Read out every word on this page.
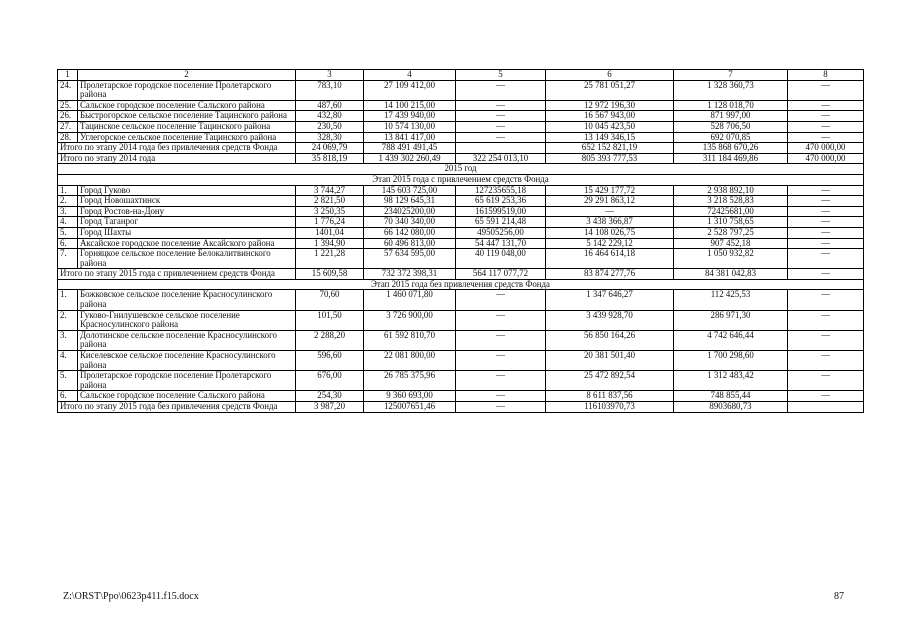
1	2	3	4	5	6	7	8
24.	Пролетарское городское поселение Пролетарского района	783,10	27 109 412,00	—	25 781 051,27	1 328 360,73	—
25.	Сальское городское поселение Сальского района	487,60	14 100 215,00	—	12 972 196,30	1 128 018,70	—
26.	Быстрогорское сельское поселение Тацинского района	432,80	17 439 940,00	—	16 567 943,00	871 997,00	—
27.	Тацинское сельское поселение Тацинского района	230,50	10 574 130,00	—	10 045 423,50	528 706,50	—
28.	Углегорское сельское поселение Тацинского района	328,30	13 841 417,00	—	13 149 346,15	692 070,85	—
Итого по этапу 2014 года без привлечения средств Фонда		24 069,79	788 491 491,45		652 152 821,19	135 868 670,26	470 000,00
Итого по этапу 2014 года		35 818,19	1 439 302 260,49	322 254 013,10	805 393 777,53	311 184 469,86	470 000,00
2015 год							
Этап 2015 года с привлечением средств Фонда							
1.	Город Гуково	3 744,27	145 603 725,00	127235655,18	15 429 177,72	2 938 892,10	—
2.	Город Новошахтинск	2 821,50	98 129 645,31	65 619 253,36	29 291 863,12	3 218 528,83	—
3.	Город Ростов-на-Дону	3 250,35	234025200,00	161599519,00	—	72425681,00	—
4.	Город Таганрог	1 776,24	70 340 340,00	65 591 214,48	3 438 366,87	1 310 758,65	—
5.	Город Шахты	1401,04	66 142 080,00	49505256,00	14 108 026,75	2 528 797,25	—
6.	Аксайское городское поселение Аксайского района	1 394,90	60 496 813,00	54 447 131,70	5 142 229,12	907 452,18	—
7.	Горняцкое сельское поселение Белокалитвинского района	1 221,28	57 634 595,00	40 119 048,00	16 464 614,18	1 050 932,82	—
Итого по этапу 2015 года с привлечением средств Фонда		15 609,58	732 372 398,31	564 117 077,72	83 874 277,76	84 381 042,83	—
Этап 2015 года без привлечения средств Фонда							
1.	Божковское сельское поселение Красносулинского района	70,60	1 460 071,80	—	1 347 646,27	112 425,53	—
2.	Гуково-Гнилушевское сельское поселение Красносулинского района	101,50	3 726 900,00	—	3 439 928,70	286 971,30	—
3.	Долотинское сельское поселение Красносулинского района	2 288,20	61 592 810,70	—	56 850 164,26	4 742 646,44	—
4.	Киселевское сельское поселение Красносулинского района	596,60	22 081 800,00	—	20 381 501,40	1 700 298,60	—
5.	Пролетарское городское поселение Пролетарского района	676,00	26 785 375,96	—	25 472 892,54	1 312 483,42	—
6.	Сальское городское поселение Сальского района	254,30	9 360 693,00	—	8 611 837,56	748 855,44	—
Итого по этапу 2015 года без привлечения средств Фонда		3 987,20	125007651,46	—	116103970,73	8903680,73	
Z:\ORST\Ppo\0623p411.f15.docx	87
